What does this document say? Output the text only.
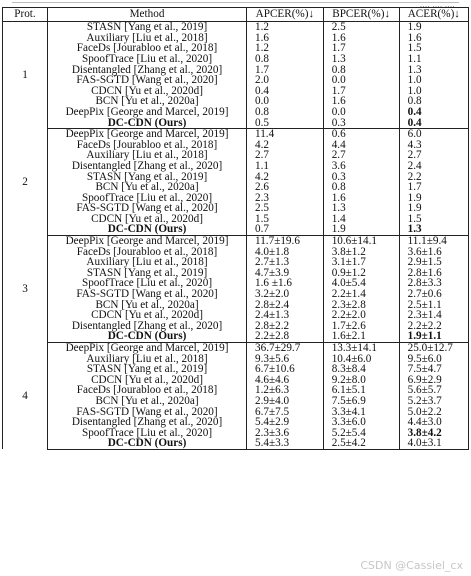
.... .... ....
Prot.	Method	APCER(%)↓	BPCER(%)↓	ACER(%)↓
1	STASN [Yang et al., 2019]	1.2	2.5	1.9
	Auxiliary [Liu et al., 2018]	1.6	1.6	1.6
	FaceDs [Jourabloo et al., 2018]	1.2	1.7	1.5
	SpoofTrace [Liu et al., 2020]	0.8	1.3	1.1
	Disentangled [Zhang et al., 2020]	1.7	0.8	1.3
	FAS-SGTD [Wang et al., 2020]	2.0	0.0	1.0
	CDCN [Yu et al., 2020d]	0.4	1.7	1.0
	BCN [Yu et al., 2020a]	0.0	1.6	0.8
	DeepPix [George and Marcel, 2019]	0.8	0.0	0.4
	DC-CDN (Ours)	0.5	0.3	0.4
2	DeepPix [George and Marcel, 2019]	11.4	0.6	6.0
	FaceDs [Jourabloo et al., 2018]	4.2	4.4	4.3
	Auxiliary [Liu et al., 2018]	2.7	2.7	2.7
	Disentangled [Zhang et al., 2020]	1.1	3.6	2.4
	STASN [Yang et al., 2019]	4.2	0.3	2.2
	BCN [Yu et al., 2020a]	2.6	0.8	1.7
	SpoofTrace [Liu et al., 2020]	2.3	1.6	1.9
	FAS-SGTD [Wang et al., 2020]	2.5	1.3	1.9
	CDCN [Yu et al., 2020d]	1.5	1.4	1.5
	DC-CDN (Ours)	0.7	1.9	1.3
3	DeepPix [George and Marcel, 2019]	11.7±19.6	10.6±14.1	11.1±9.4
	FaceDs [Jourabloo et al., 2018]	4.0±1.8	3.8±1.2	3.6±1.6
	Auxiliary [Liu et al., 2018]	2.7±1.3	3.1±1.7	2.9±1.5
	STASN [Yang et al., 2019]	4.7±3.9	0.9±1.2	2.8±1.6
	SpoofTrace [Liu et al., 2020]	1.6 ±1.6	4.0±5.4	2.8±3.3
	FAS-SGTD [Wang et al., 2020]	3.2±2.0	2.2±1.4	2.7±0.6
	BCN [Yu et al., 2020a]	2.8±2.4	2.3±2.8	2.5±1.1
	CDCN [Yu et al., 2020d]	2.4±1.3	2.2±2.0	2.3±1.4
	Disentangled [Zhang et al., 2020]	2.8±2.2	1.7±2.6	2.2±2.2
	DC-CDN (Ours)	2.2±2.8	1.6±2.1	1.9±1.1
4	DeepPix [George and Marcel, 2019]	36.7±29.7	13.3±14.1	25.0±12.7
	Auxiliary [Liu et al., 2018]	9.3±5.6	10.4±6.0	9.5±6.0
	STASN [Yang et al., 2019]	6.7±10.6	8.3±8.4	7.5±4.7
	CDCN [Yu et al., 2020d]	4.6±4.6	9.2±8.0	6.9±2.9
	FaceDs [Jourabloo et al., 2018]	1.2±6.3	6.1±5.1	5.6±5.7
	BCN [Yu et al., 2020a]	2.9±4.0	7.5±6.9	5.2±3.7
	FAS-SGTD [Wang et al., 2020]	6.7±7.5	3.3±4.1	5.0±2.2
	Disentangled [Zhang et al., 2020]	5.4±2.9	3.3±6.0	4.4±3.0
	SpoofTrace [Liu et al., 2020]	2.3±3.6	5.2±5.4	3.8±4.2
	DC-CDN (Ours)	5.4±3.3	2.5±4.2	4.0±3.1
CSDN @Cassiel_cx
